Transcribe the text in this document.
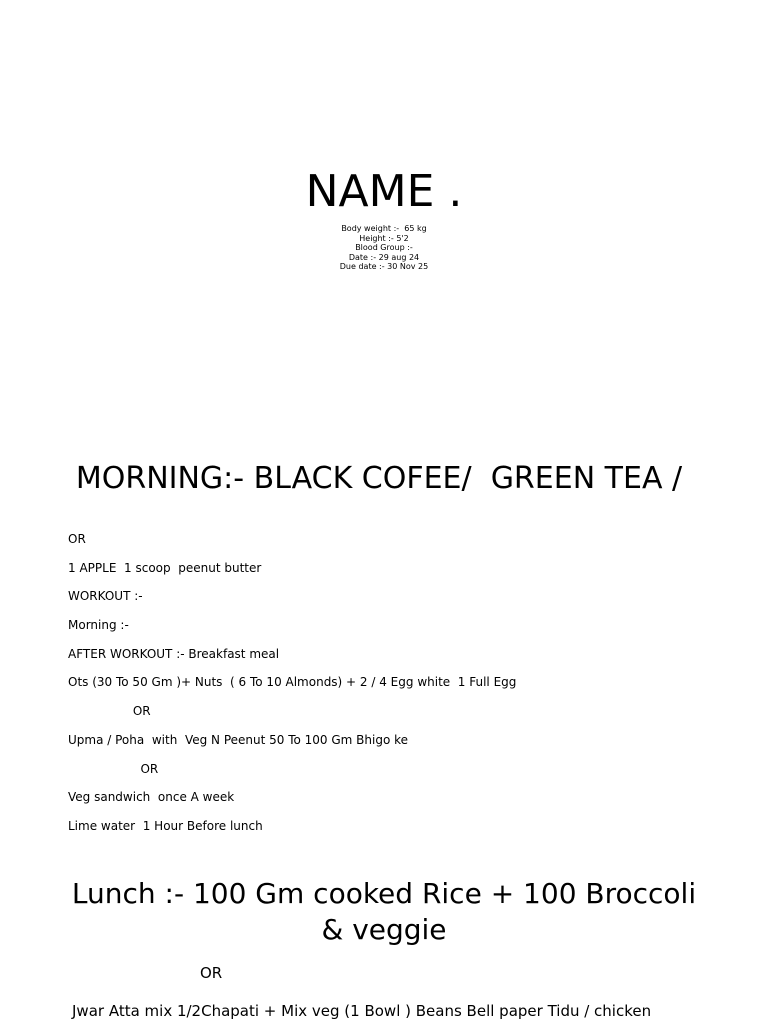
NAME .
Body weight :-  65 kg
Height :- 5'2
Blood Group :-
Date :- 29 aug 24
Due date :- 30 Nov 25
MORNING:- BLACK COFEE/  GREEN TEA /
OR
1 APPLE  1 scoop  peenut butter
WORKOUT :-
Morning :-
AFTER WORKOUT :- Breakfast meal
Ots (30 To 50 Gm )+ Nuts  ( 6 To 10 Almonds) + 2 / 4 Egg white  1 Full Egg
OR
Upma / Poha  with  Veg N Peenut 50 To 100 Gm Bhigo ke
OR
Veg sandwich  once A week
Lime water  1 Hour Before lunch
Lunch :- 100 Gm cooked Rice + 100 Broccoli & veggie
OR
Jwar Atta mix 1/2Chapati + Mix veg (1 Bowl ) Beans Bell paper Tidu / chicken
